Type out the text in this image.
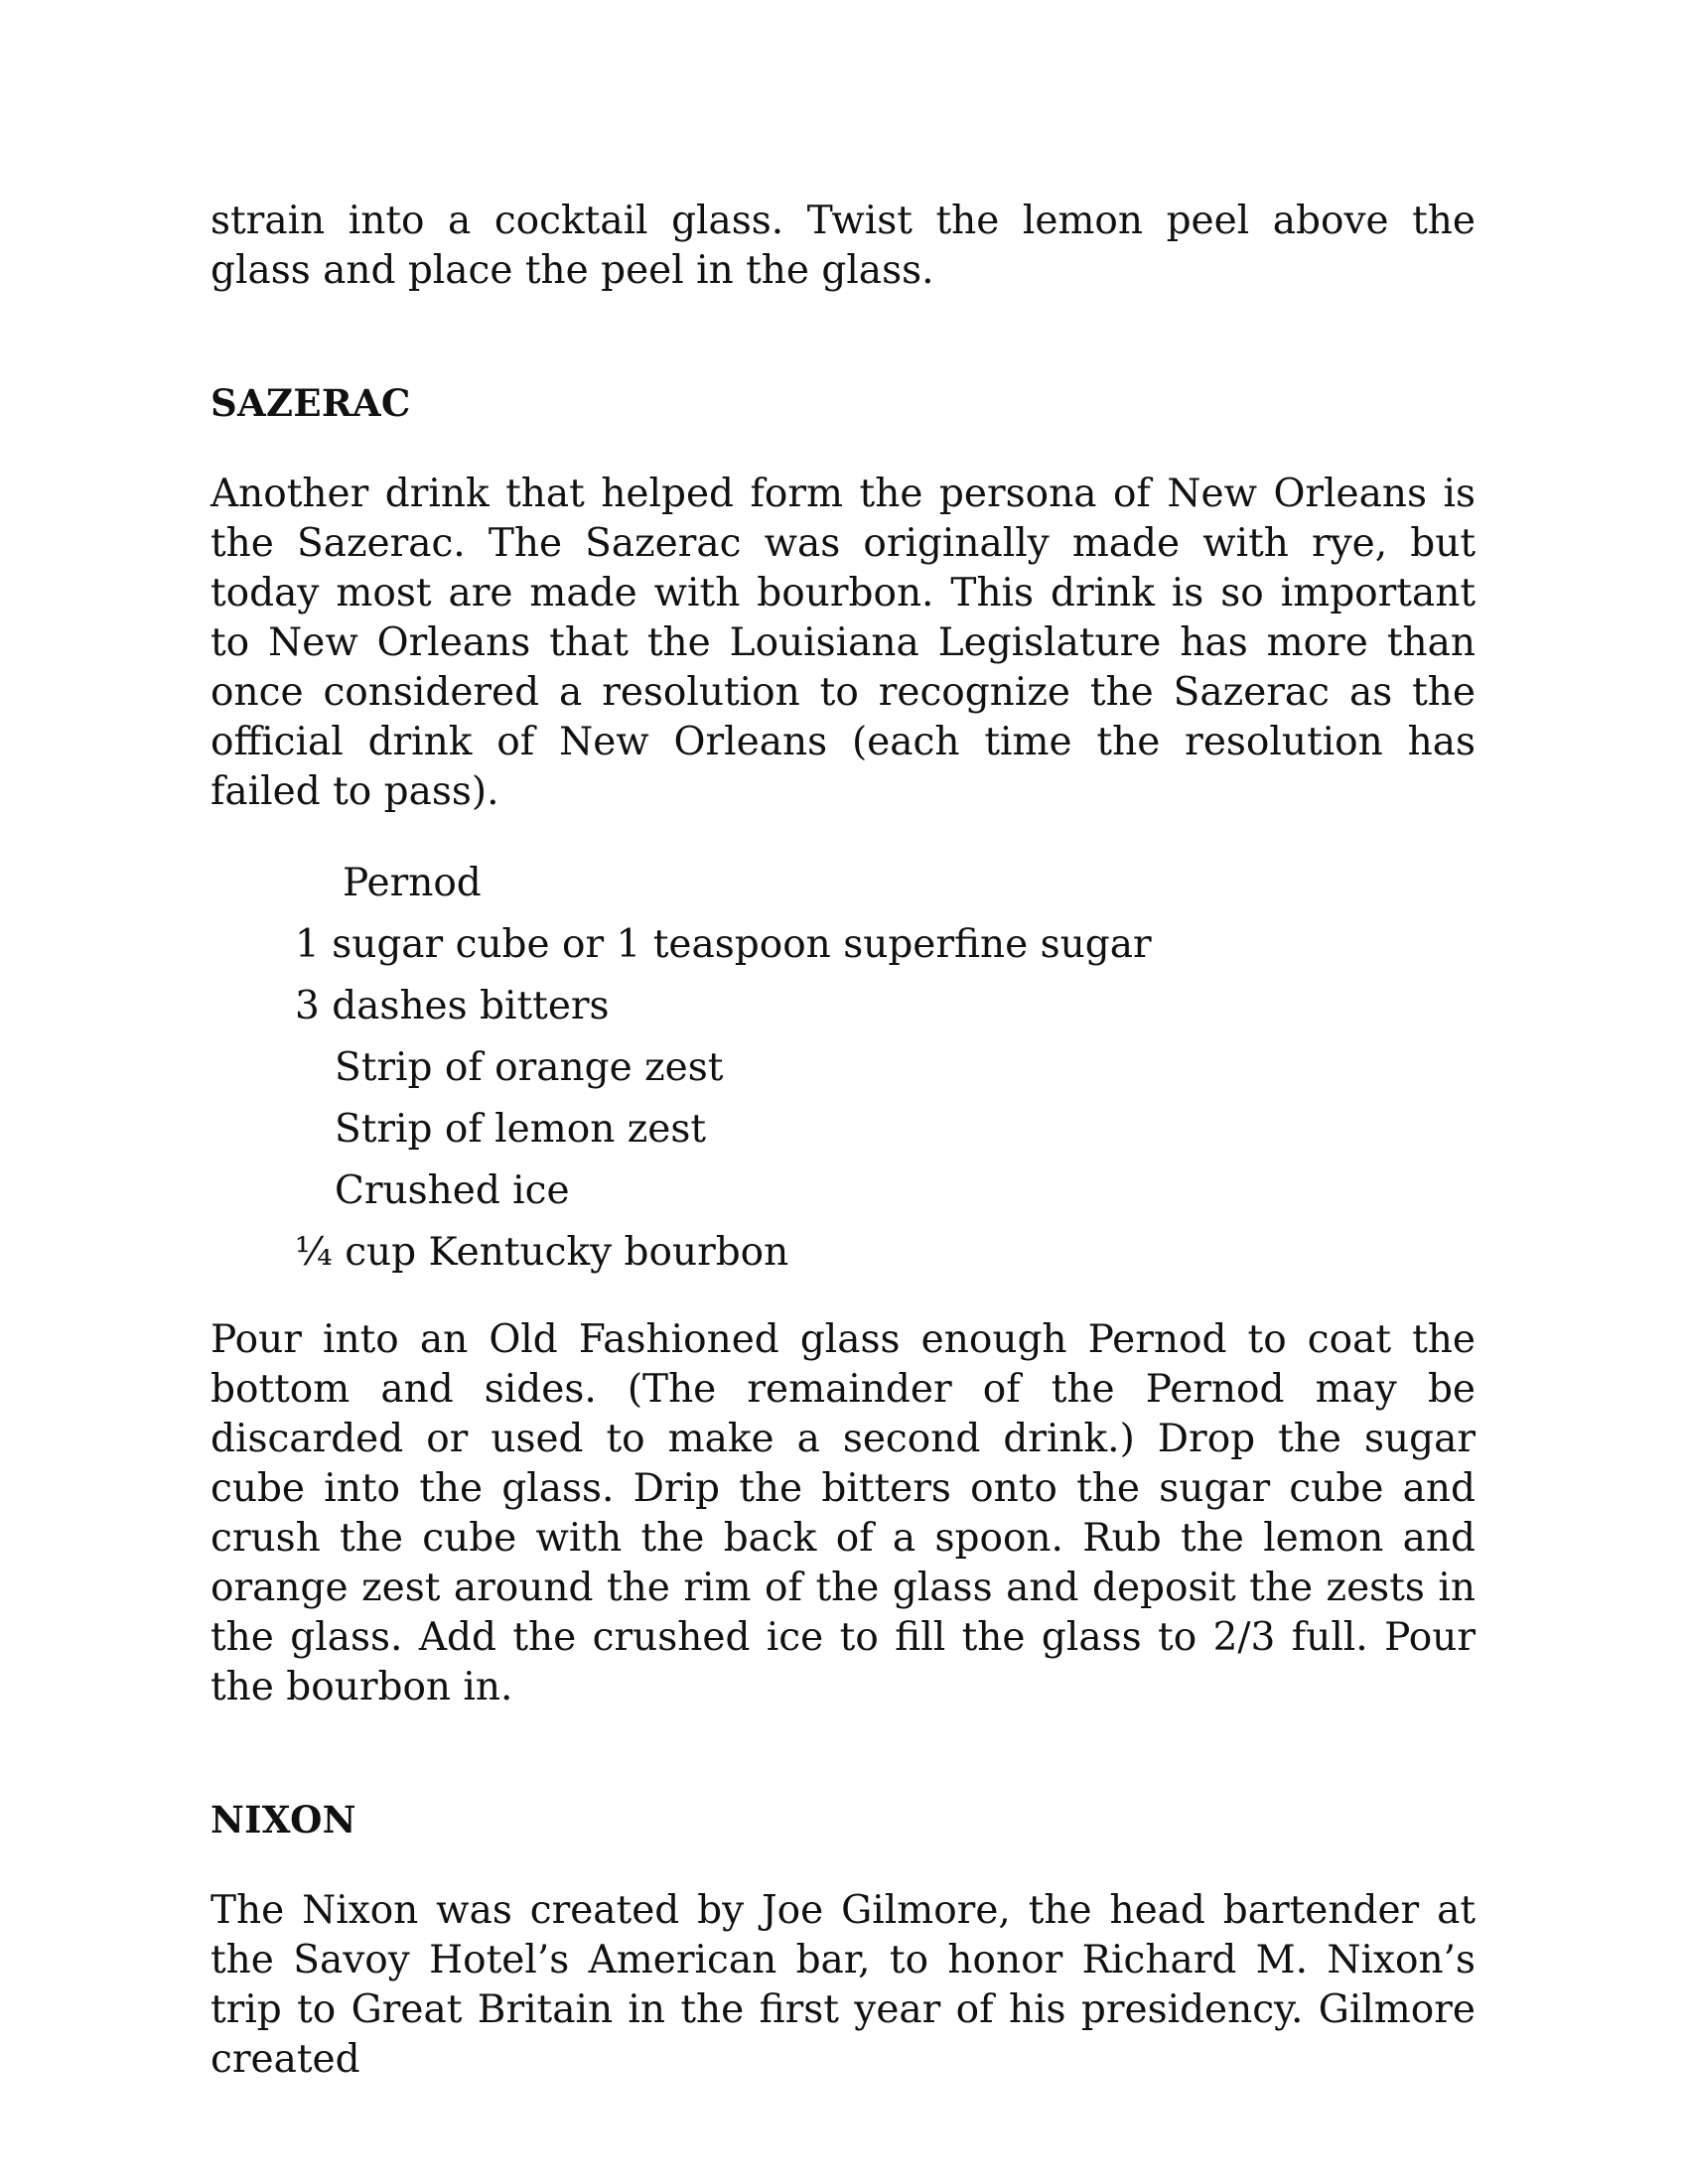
strain into a cocktail glass. Twist the lemon peel above the glass and place the peel in the glass.

SAZERAC

Another drink that helped form the persona of New Orleans is the Sazerac. The Sazerac was originally made with rye, but today most are made with bourbon. This drink is so important to New Orleans that the Louisiana Legislature has more than once considered a resolution to recognize the Sazerac as the official drink of New Orleans (each time the resolution has failed to pass).

Pernod
1 sugar cube or 1 teaspoon superfine sugar
3 dashes bitters
Strip of orange zest
Strip of lemon zest
Crushed ice
¼ cup Kentucky bourbon

Pour into an Old Fashioned glass enough Pernod to coat the bottom and sides. (The remainder of the Pernod may be discarded or used to make a second drink.) Drop the sugar cube into the glass. Drip the bitters onto the sugar cube and crush the cube with the back of a spoon. Rub the lemon and orange zest around the rim of the glass and deposit the zests in the glass. Add the crushed ice to fill the glass to 2/3 full. Pour the bourbon in.

NIXON

The Nixon was created by Joe Gilmore, the head bartender at the Savoy Hotel’s American bar, to honor Richard M. Nixon’s trip to Great Britain in the first year of his presidency. Gilmore created
